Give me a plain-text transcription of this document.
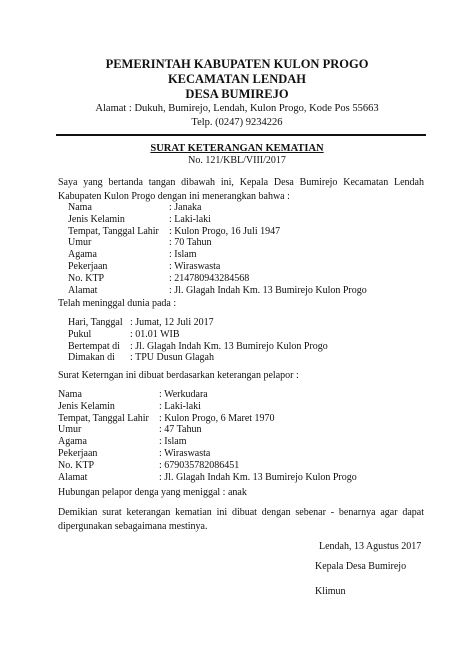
PEMERINTAH KABUPATEN KULON PROGO
KECAMATAN LENDAH
DESA BUMIREJO
Alamat : Dukuh, Bumirejo, Lendah, Kulon Progo, Kode Pos 55663
Telp. (0247) 9234226
SURAT KETERANGAN KEMATIAN
No. 121/KBL/VIII/2017
Saya yang bertanda tangan dibawah ini, Kepala Desa Bumirejo Kecamatan Lendah Kabupaten Kulon Progo dengan ini menerangkan bahwa :
Nama	: Janaka
Jenis Kelamin	: Laki-laki
Tempat, Tanggal Lahir	: Kulon Progo, 16 Juli 1947
Umur	: 70 Tahun
Agama	: Islam
Pekerjaan	: Wiraswasta
No. KTP	: 214780943284568
Alamat	: Jl. Glagah Indah Km. 13 Bumirejo Kulon Progo
Telah meninggal dunia pada :
Hari, Tanggal	: Jumat, 12 Juli 2017
Pukul	: 01.01 WIB
Bertempat di	: Jl. Glagah Indah Km. 13 Bumirejo Kulon Progo
Dimakan di	: TPU Dusun Glagah
Surat Keterngan ini dibuat berdasarkan keterangan pelapor :
Nama	: Werkudara
Jenis Kelamin	: Laki-laki
Tempat, Tanggal Lahir	: Kulon Progo, 6 Maret 1970
Umur	: 47 Tahun
Agama	: Islam
Pekerjaan	: Wiraswasta
No. KTP	: 679035782086451
Alamat	: Jl. Glagah Indah Km. 13 Bumirejo Kulon Progo
Hubungan pelapor denga yang meniggal : anak
Demikian surat keterangan kematian ini dibuat dengan sebenar - benarnya agar dapat dipergunakan sebagaimana mestinya.
Lendah, 13 Agustus 2017
Kepala Desa Bumirejo
Klimun
